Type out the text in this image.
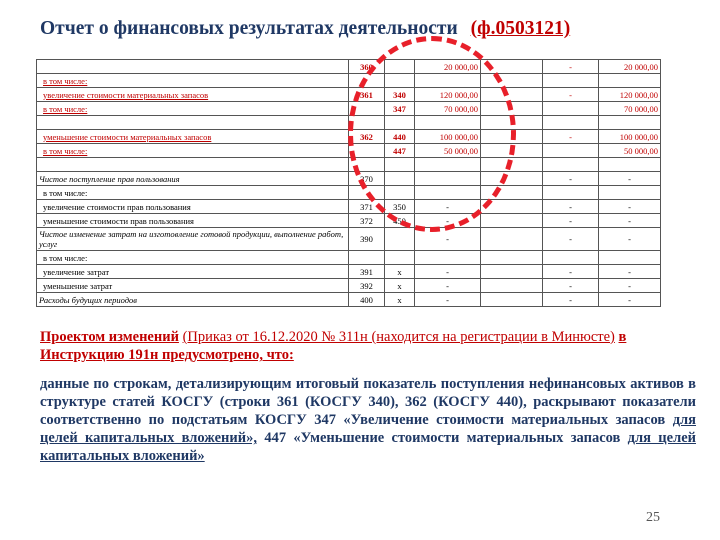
Отчет о финансовых результатах деятельности (ф.0503121)
	360		20 000,00		-	20 000,00
в том числе:						
увеличение стоимости материальных запасов	361	340	120 000,00		-	120 000,00
в том числе:		347	70 000,00			70 000,00

уменьшение стоимости материальных запасов	362	440	100 000,00		-	100 000,00
в том числе:		447	50 000,00			50 000,00

Чистое поступление прав пользования	370				-	-
в том числе:						
увеличение стоимости прав пользования	371	350	-		-	-
уменьшение стоимости прав пользования	372	450	-		-	-
Чистое изменение затрат на изготовление готовой продукции, выполнение работ, услуг	390		-		-	-
в том числе:						
увеличение затрат	391	x	-		-	-
уменьшение затрат	392	x	-		-	-
Расходы будущих периодов	400	x	-		-	-
Проектом изменений (Приказ от 16.12.2020 № 311н (находится на регистрации в Минюсте) в Инструкцию 191н предусмотрено, что:
данные по строкам, детализирующим итоговый показатель поступления нефинансовых активов в структуре статей КОСГУ (строки 361 (КОСГУ 340), 362 (КОСГУ 440), раскрывают показатели соответственно по подстатьям КОСГУ 347 «Увеличение стоимости материальных запасов для целей капитальных вложений», 447 «Уменьшение стоимости материальных запасов для целей капитальных вложений»
25
